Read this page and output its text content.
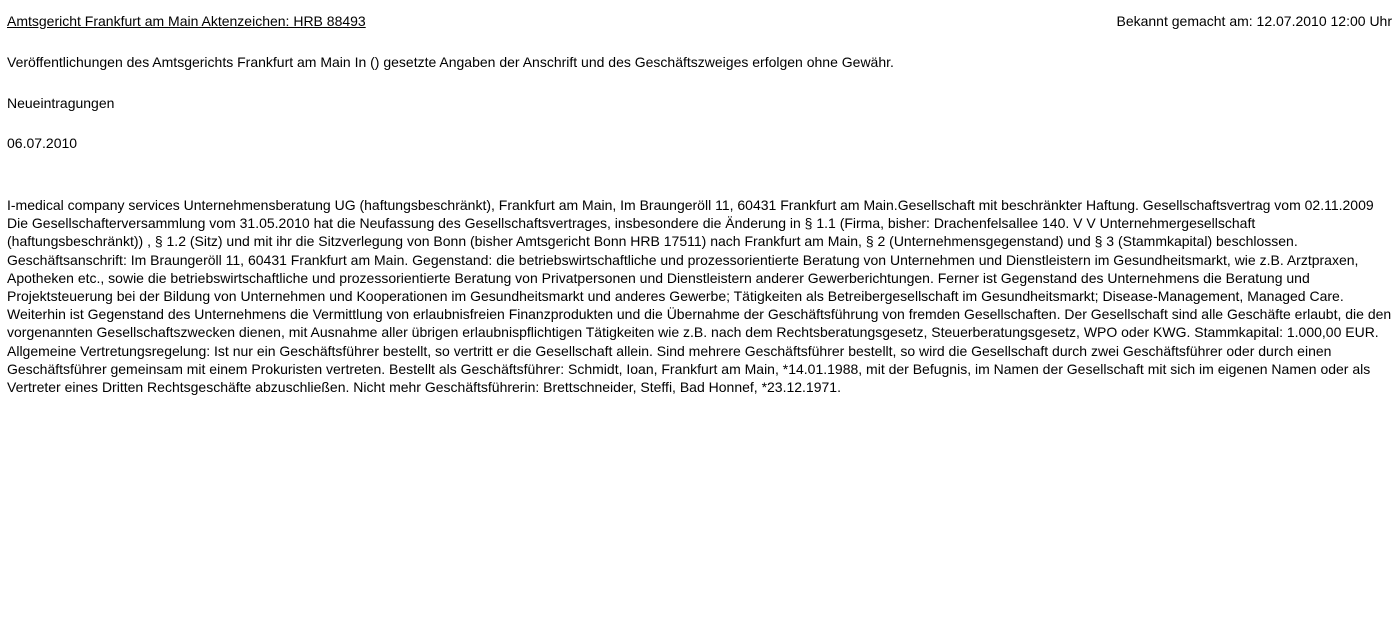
Amtsgericht Frankfurt am Main Aktenzeichen: HRB 88493	Bekannt gemacht am: 12.07.2010 12:00 Uhr
Veröffentlichungen des Amtsgerichts Frankfurt am Main In () gesetzte Angaben der Anschrift und des Geschäftszweiges erfolgen ohne Gewähr.
Neueintragungen
06.07.2010

I-medical company services Unternehmensberatung UG (haftungsbeschränkt), Frankfurt am Main, Im Braungeröll 11, 60431 Frankfurt am Main.Gesellschaft mit beschränkter Haftung. Gesellschaftsvertrag vom 02.11.2009 Die Gesellschafterversammlung vom 31.05.2010 hat die Neufassung des Gesellschaftsvertrages, insbesondere die Änderung in § 1.1 (Firma, bisher: Drachenfelsallee 140. V V Unternehmergesellschaft (haftungsbeschränkt)) , § 1.2 (Sitz) und mit ihr die Sitzverlegung von Bonn (bisher Amtsgericht Bonn HRB 17511) nach Frankfurt am Main, § 2 (Unternehmensgegenstand) und § 3 (Stammkapital) beschlossen. Geschäftsanschrift: Im Braungeröll 11, 60431 Frankfurt am Main. Gegenstand: die betriebswirtschaftliche und prozessorientierte Beratung von Unternehmen und Dienstleistern im Gesundheitsmarkt, wie z.B. Arztpraxen, Apotheken etc., sowie die betriebswirtschaftliche und prozessorientierte Beratung von Privatpersonen und Dienstleistern anderer Gewerberichtungen. Ferner ist Gegenstand des Unternehmens die Beratung und Projektsteuerung bei der Bildung von Unternehmen und Kooperationen im Gesundheitsmarkt und anderes Gewerbe; Tätigkeiten als Betreibergesellschaft im Gesundheitsmarkt; Disease-Management, Managed Care. Weiterhin ist Gegenstand des Unternehmens die Vermittlung von erlaubnisfreien Finanzprodukten und die Übernahme der Geschäftsführung von fremden Gesellschaften. Der Gesellschaft sind alle Geschäfte erlaubt, die den vorgenannten Gesellschaftszwecken dienen, mit Ausnahme aller übrigen erlaubnispflichtigen Tätigkeiten wie z.B. nach dem Rechtsberatungsgesetz, Steuerberatungsgesetz, WPO oder KWG. Stammkapital: 1.000,00 EUR. Allgemeine Vertretungsregelung: Ist nur ein Geschäftsführer bestellt, so vertritt er die Gesellschaft allein. Sind mehrere Geschäftsführer bestellt, so wird die Gesellschaft durch zwei Geschäftsführer oder durch einen Geschäftsführer gemeinsam mit einem Prokuristen vertreten. Bestellt als Geschäftsführer: Schmidt, Ioan, Frankfurt am Main, *14.01.1988, mit der Befugnis, im Namen der Gesellschaft mit sich im eigenen Namen oder als Vertreter eines Dritten Rechtsgeschäfte abzuschließen. Nicht mehr Geschäftsführerin: Brettschneider, Steffi, Bad Honnef, *23.12.1971.
